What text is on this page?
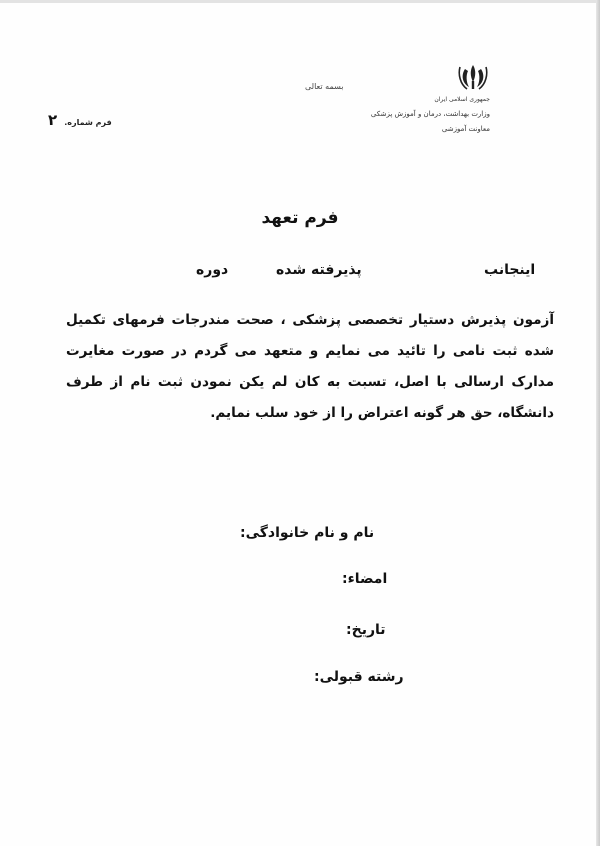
جمهوری اسلامی ایران
وزارت بهداشت، درمان و آموزش پزشکی
معاونت آموزشی
بسمه تعالی
فرم شماره. ۲
فرم تعهد
اینجانب
پذیرفته شده
دوره
آزمون پذیرش دستیار تخصصی پزشکی ، صحت مندرجات فرمهای تکمیل شده ثبت نامی را تائید می نمایم و متعهد می گردم در صورت مغایرت مدارک ارسالی با اصل، تسبت به کان لم یکن نمودن ثبت نام از طرف دانشگاه، حق هر گونه اعتراض را از خود سلب نمایم.
نام و نام خانوادگی:
امضاء:
تاریخ:
رشته قبولی:
